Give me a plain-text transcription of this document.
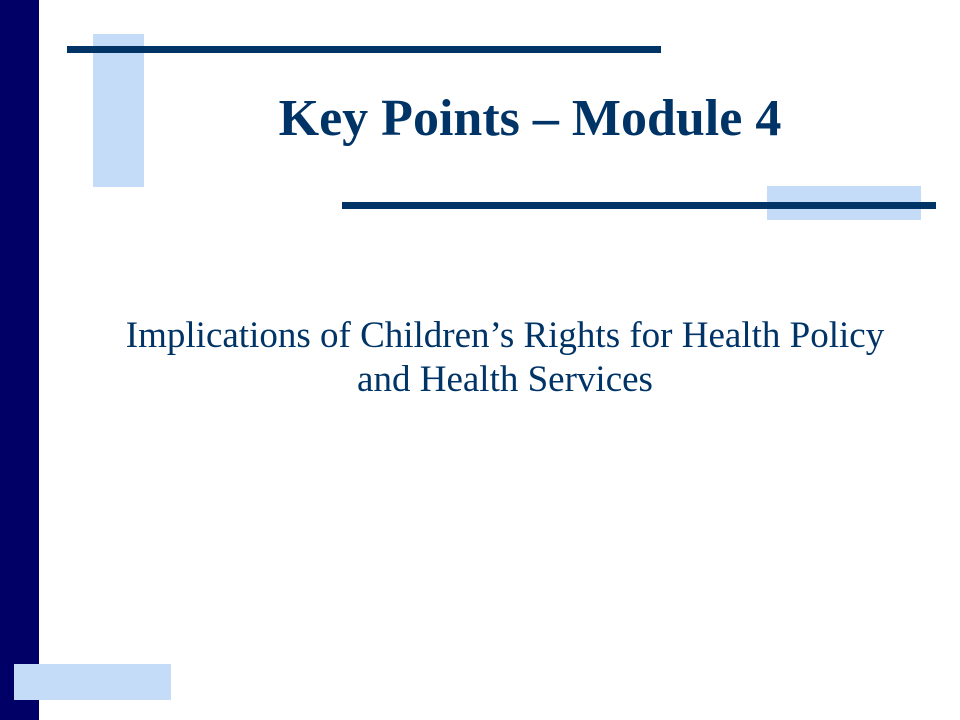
Key Points – Module 4

Implications of Children’s Rights for Health Policy and Health Services
